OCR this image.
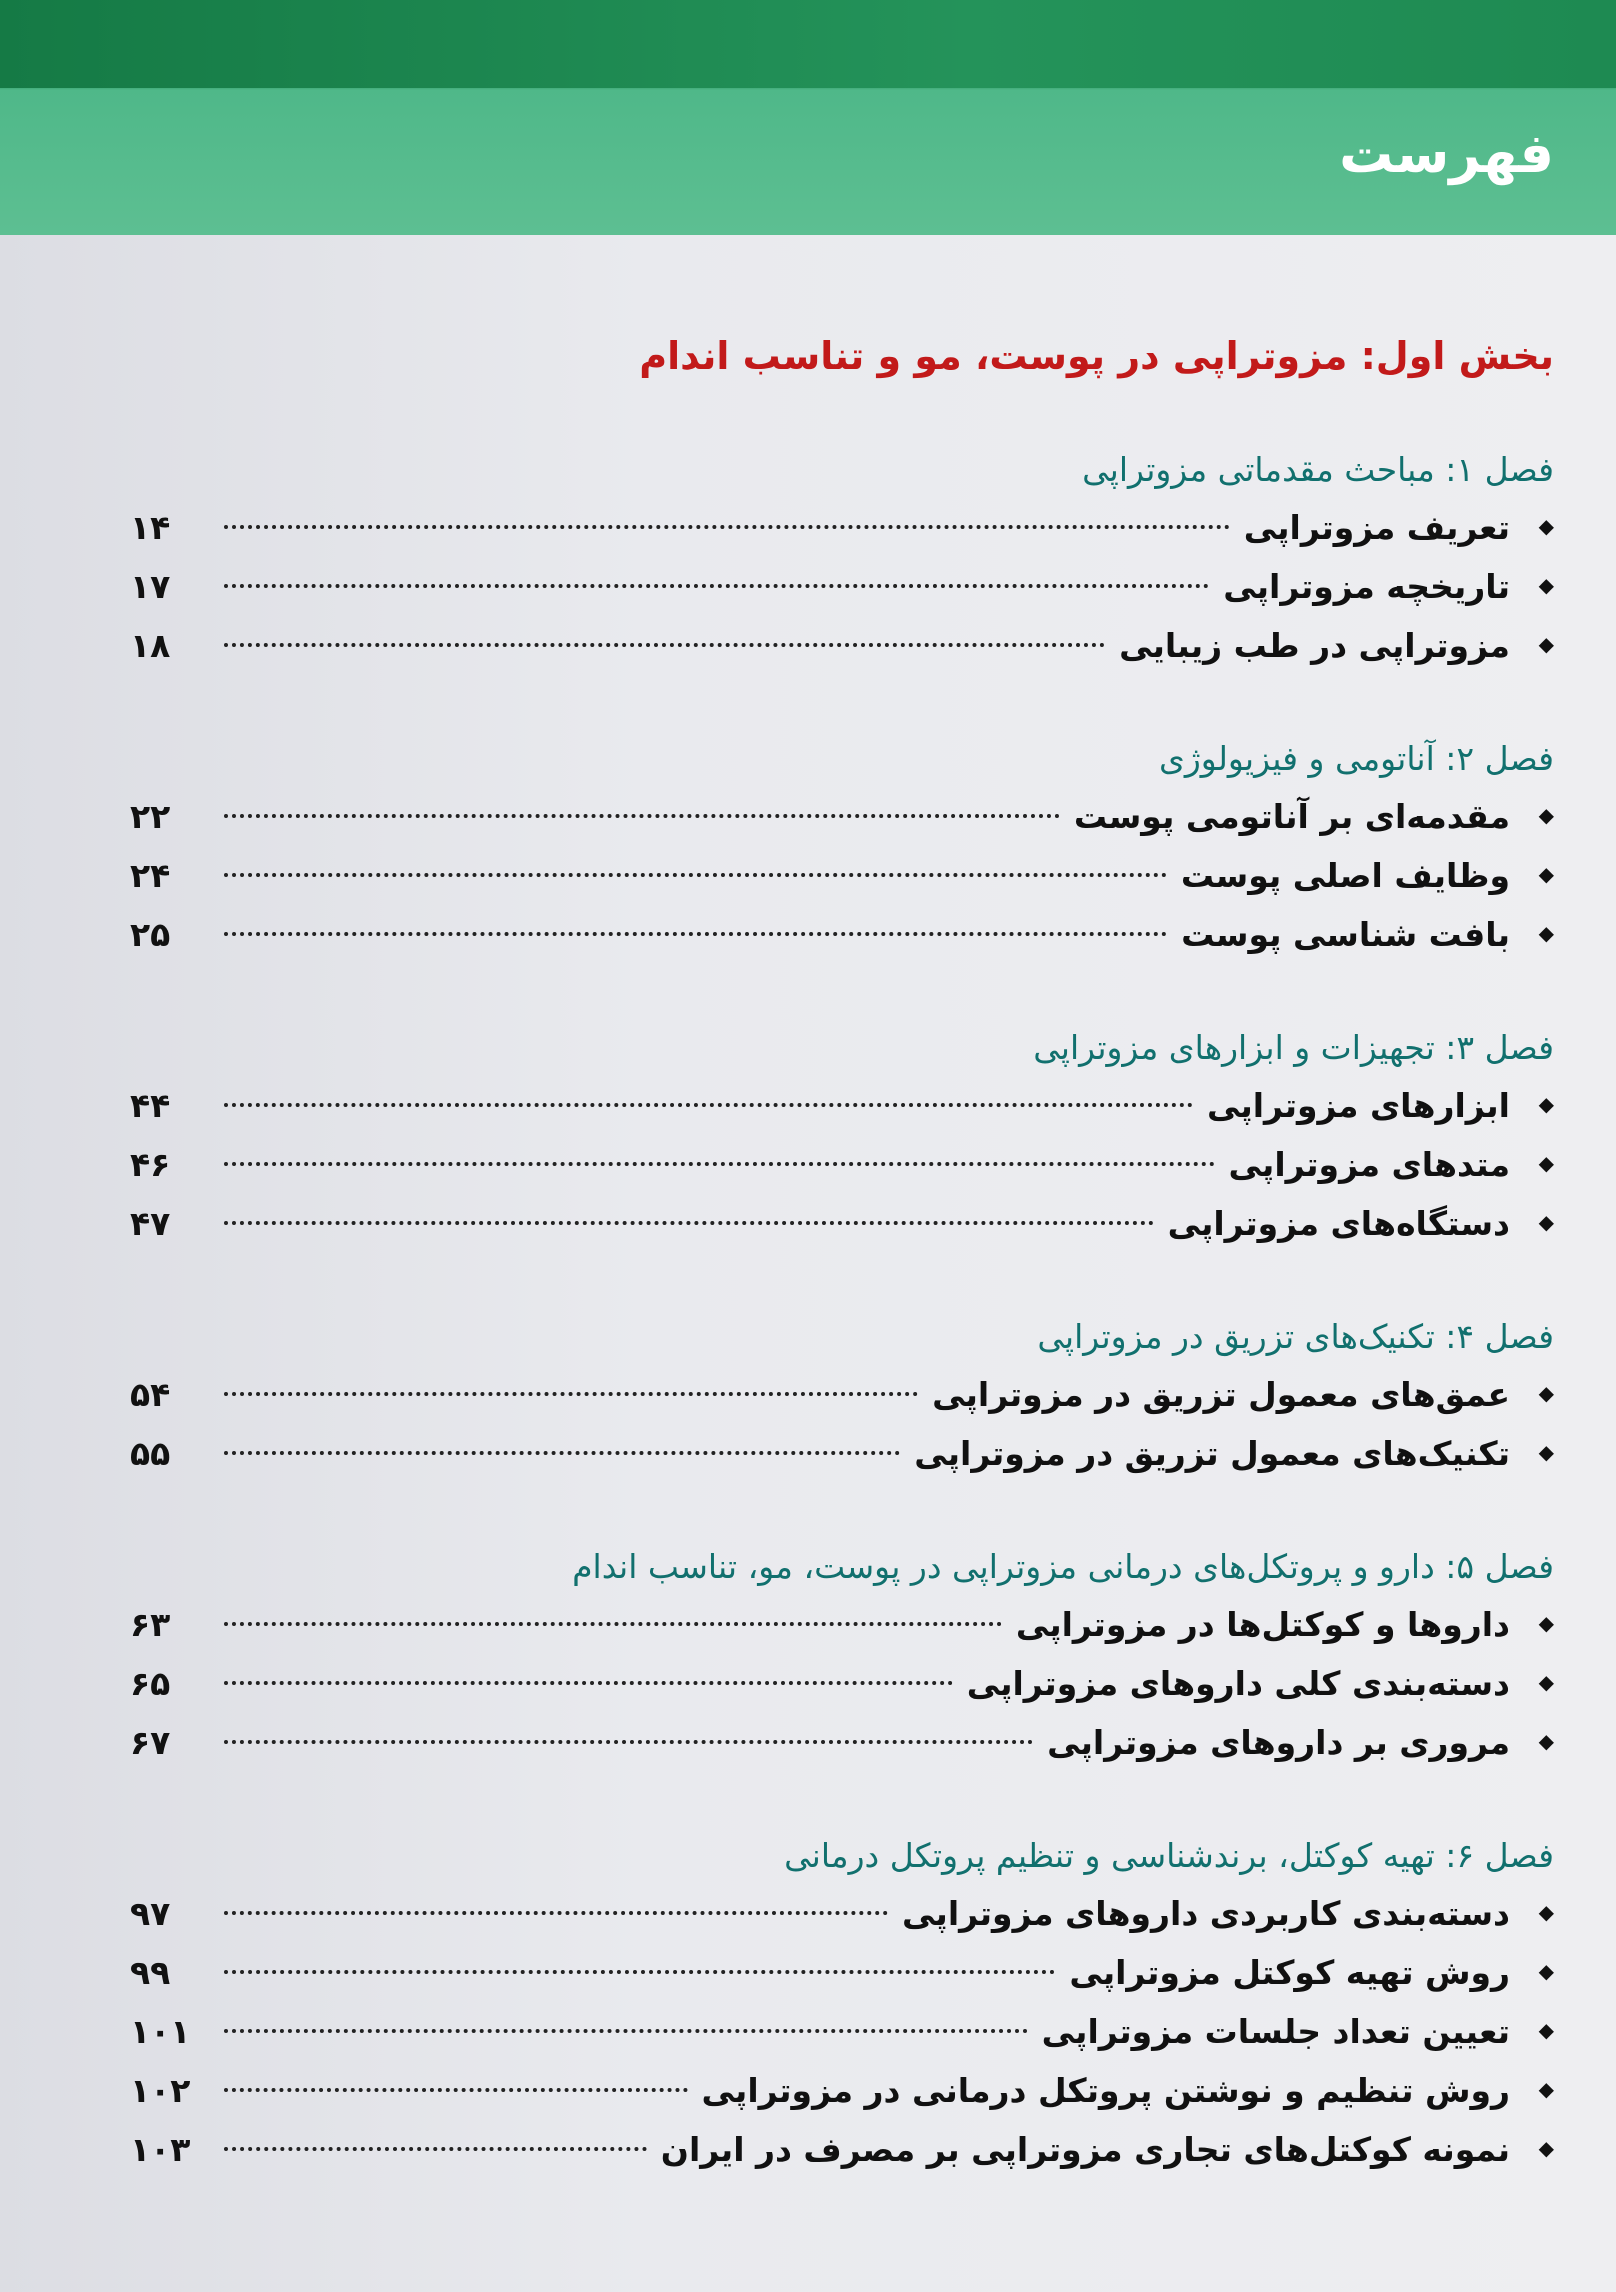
فهرست
بخش اول: مزوتراپی در پوست، مو و تناسب اندام
فصل ۱: مباحث مقدماتی مزوتراپی
◆
تعریف مزوتراپی
۱۴
◆
تاریخچه مزوتراپی
۱۷
◆
مزوتراپی در طب زیبایی
۱۸
فصل ۲: آناتومی و فیزیولوژی
◆
مقدمه‌ای بر آناتومی پوست
۲۲
◆
وظایف اصلی پوست
۲۴
◆
بافت شناسی پوست
۲۵
فصل ۳: تجهیزات و ابزارهای مزوتراپی
◆
ابزارهای مزوتراپی
۴۴
◆
متدهای مزوتراپی
۴۶
◆
دستگاه‌های مزوتراپی
۴۷
فصل ۴: تکنیک‌های تزریق در مزوتراپی
◆
عمق‌های معمول تزریق در مزوتراپی
۵۴
◆
تکنیک‌های معمول تزریق در مزوتراپی
۵۵
فصل ۵: دارو و پروتکل‌های درمانی مزوتراپی در پوست، مو، تناسب اندام
◆
داروها و کوکتل‌ها در مزوتراپی
۶۳
◆
دسته‌بندی کلی داروهای مزوتراپی
۶۵
◆
مروری بر داروهای مزوتراپی
۶۷
فصل ۶: تهیه کوکتل، برندشناسی و تنظیم پروتکل درمانی
◆
دسته‌بندی کاربردی داروهای مزوتراپی
۹۷
◆
روش تهیه کوکتل مزوتراپی
۹۹
◆
تعیین تعداد جلسات مزوتراپی
۱۰۱
◆
روش تنظیم و نوشتن پروتکل درمانی در مزوتراپی
۱۰۲
◆
نمونه کوکتل‌های تجاری مزوتراپی بر مصرف در ایران
۱۰۳
